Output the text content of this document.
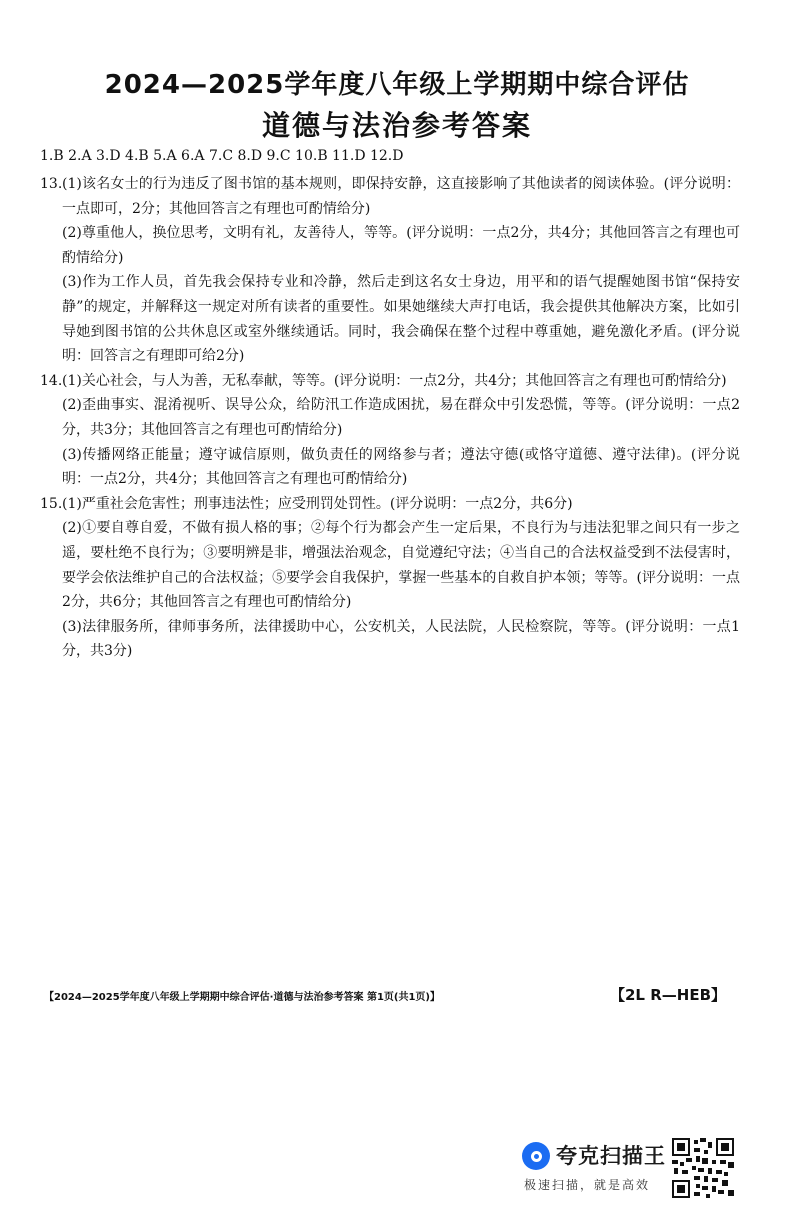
2024—2025学年度八年级上学期期中综合评估
道德与法治参考答案
1.B 2.A 3.D 4.B 5.A 6.A 7.C 8.D 9.C 10.B 11.D 12.D
13. (1)该名女士的行为违反了图书馆的基本规则，即保持安静，这直接影响了其他读者的阅读体验。(评分说明：一点即可，2分；其他回答言之有理也可酌情给分)

(2)尊重他人，换位思考，文明有礼，友善待人，等等。(评分说明：一点2分，共4分；其他回答言之有理也可酌情给分)

(3)作为工作人员，首先我会保持专业和冷静，然后走到这名女士身边，用平和的语气提醒她图书馆“保持安静”的规定，并解释这一规定对所有读者的重要性。如果她继续大声打电话，我会提供其他解决方案，比如引导她到图书馆的公共休息区或室外继续通话。同时，我会确保在整个过程中尊重她，避免激化矛盾。(评分说明：回答言之有理即可给2分)

14. (1)关心社会，与人为善，无私奉献，等等。(评分说明：一点2分，共4分；其他回答言之有理也可酌情给分)

(2)歪曲事实、混淆视听、误导公众，给防汛工作造成困扰，易在群众中引发恐慌，等等。(评分说明：一点2分，共3分；其他回答言之有理也可酌情给分)

(3)传播网络正能量；遵守诚信原则，做负责任的网络参与者；遵法守德(或恪守道德、遵守法律)。(评分说明：一点2分，共4分；其他回答言之有理也可酌情给分)

15. (1)严重社会危害性；刑事违法性；应受刑罚处罚性。(评分说明：一点2分，共6分)

(2)①要自尊自爱，不做有损人格的事；②每个行为都会产生一定后果，不良行为与违法犯罪之间只有一步之遥，要杜绝不良行为；③要明辨是非，增强法治观念，自觉遵纪守法；④当自己的合法权益受到不法侵害时，要学会依法维护自己的合法权益；⑤要学会自我保护，掌握一些基本的自救自护本领；等等。(评分说明：一点2分，共6分；其他回答言之有理也可酌情给分)

(3)法律服务所，律师事务所，法律援助中心，公安机关，人民法院，人民检察院，等等。(评分说明：一点1分，共3分)

【2024—2025学年度八年级上学期期中综合评估·道德与法治参考答案 第1页(共1页)】	【2L R—HEB】
夸克扫描王
极速扫描，就是高效
